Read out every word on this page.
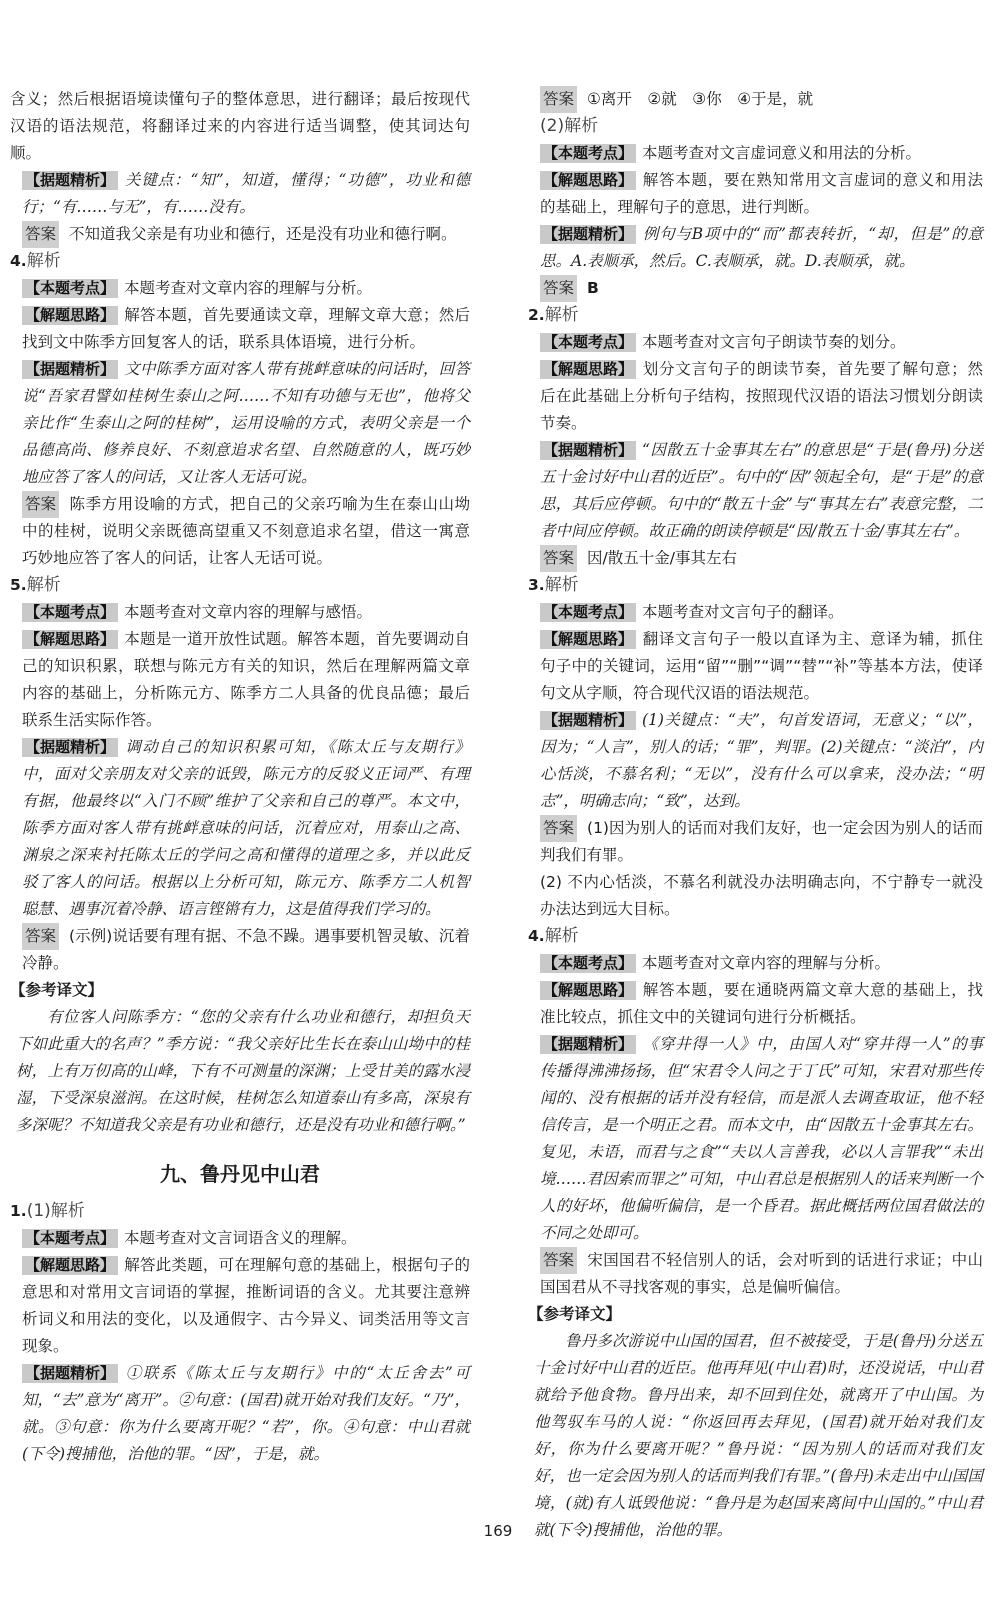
含义；然后根据语境读懂句子的整体意思，进行翻译；最后按现代汉语的语法规范，将翻译过来的内容进行适当调整，使其词达句顺。

【据题精析】 关键点：“知”，知道，懂得；“功德”，功业和德行；“有……与无”，有……没有。

答案 不知道我父亲是有功业和德行，还是没有功业和德行啊。

4.解析

【本题考点】 本题考查对文章内容的理解与分析。

【解题思路】 解答本题，首先要通读文章，理解文章大意；然后找到文中陈季方回复客人的话，联系具体语境，进行分析。

【据题精析】 文中陈季方面对客人带有挑衅意味的问话时，回答说“吾家君譬如桂树生泰山之阿……不知有功德与无也”，他将父亲比作“生泰山之阿的桂树”，运用设喻的方式，表明父亲是一个品德高尚、修养良好、不刻意追求名望、自然随意的人，既巧妙地应答了客人的问话，又让客人无话可说。

答案 陈季方用设喻的方式，把自己的父亲巧喻为生在泰山山坳中的桂树，说明父亲既德高望重又不刻意追求名望，借这一寓意巧妙地应答了客人的问话，让客人无话可说。

5.解析

【本题考点】 本题考查对文章内容的理解与感悟。

【解题思路】 本题是一道开放性试题。解答本题，首先要调动自己的知识积累，联想与陈元方有关的知识，然后在理解两篇文章内容的基础上，分析陈元方、陈季方二人具备的优良品德；最后联系生活实际作答。

【据题精析】 调动自己的知识积累可知，《陈太丘与友期行》中，面对父亲朋友对父亲的诋毁，陈元方的反驳义正词严、有理有据，他最终以“入门不顾”维护了父亲和自己的尊严。本文中，陈季方面对客人带有挑衅意味的问话，沉着应对，用泰山之高、渊泉之深来衬托陈太丘的学问之高和懂得的道理之多，并以此反驳了客人的问话。根据以上分析可知，陈元方、陈季方二人机智聪慧、遇事沉着冷静、语言铿锵有力，这是值得我们学习的。

答案 (示例)说话要有理有据、不急不躁。遇事要机智灵敏、沉着冷静。

【参考译文】

有位客人问陈季方：“您的父亲有什么功业和德行，却担负天下如此重大的名声？”季方说：“我父亲好比生长在泰山山坳中的桂树，上有万仞高的山峰，下有不可测量的深渊；上受甘美的露水浸湿，下受深泉滋润。在这时候，桂树怎么知道泰山有多高，深泉有多深呢？不知道我父亲是有功业和德行，还是没有功业和德行啊。”

九、鲁丹见中山君

1.(1)解析

【本题考点】 本题考查对文言词语含义的理解。

【解题思路】 解答此类题，可在理解句意的基础上，根据句子的意思和对常用文言词语的掌握，推断词语的含义。尤其要注意辨析词义和用法的变化，以及通假字、古今异义、词类活用等文言现象。

【据题精析】 ①联系《陈太丘与友期行》中的“太丘舍去”可知，“去”意为“离开”。②句意：(国君)就开始对我们友好。“乃”，就。③句意：你为什么要离开呢？“若”，你。④句意：中山君就(下令)搜捕他，治他的罪。“因”，于是，就。

答案 ①离开　②就　③你　④于是，就

(2)解析

【本题考点】 本题考查对文言虚词意义和用法的分析。

【解题思路】 解答本题，要在熟知常用文言虚词的意义和用法的基础上，理解句子的意思，进行判断。

【据题精析】 例句与B项中的“而”都表转折，“却，但是”的意思。A.表顺承，然后。C.表顺承，就。D.表顺承，就。

答案 B

2.解析

【本题考点】 本题考查对文言句子朗读节奏的划分。

【解题思路】 划分文言句子的朗读节奏，首先要了解句意；然后在此基础上分析句子结构，按照现代汉语的语法习惯划分朗读节奏。

【据题精析】 “因散五十金事其左右”的意思是“于是(鲁丹)分送五十金讨好中山君的近臣”。句中的“因”领起全句，是“于是”的意思，其后应停顿。句中的“散五十金”与“事其左右”表意完整，二者中间应停顿。故正确的朗读停顿是“因/散五十金/事其左右”。

答案 因/散五十金/事其左右

3.解析

【本题考点】 本题考查对文言句子的翻译。

【解题思路】 翻译文言句子一般以直译为主、意译为辅，抓住句子中的关键词，运用“留”“删”“调”“替”“补”等基本方法，使译句文从字顺，符合现代汉语的语法规范。

【据题精析】 (1)关键点：“夫”，句首发语词，无意义；“以”，因为；“人言”，别人的话；“罪”，判罪。(2)关键点：“淡泊”，内心恬淡，不慕名利；“无以”，没有什么可以拿来，没办法；“明志”，明确志向；“致”，达到。

答案 (1)因为别人的话而对我们友好，也一定会因为别人的话而判我们有罪。

(2) 不内心恬淡，不慕名利就没办法明确志向，不宁静专一就没办法达到远大目标。

4.解析

【本题考点】 本题考查对文章内容的理解与分析。

【解题思路】 解答本题，要在通晓两篇文章大意的基础上，找准比较点，抓住文中的关键词句进行分析概括。

【据题精析】 《穿井得一人》中，由国人对“穿井得一人”的事传播得沸沸扬扬，但“宋君令人问之于丁氏”可知，宋君对那些传闻的、没有根据的话并没有轻信，而是派人去调查取证，他不轻信传言，是一个明正之君。而本文中，由“因散五十金事其左右。复见，未语，而君与之食”“夫以人言善我，必以人言罪我”“未出境……君因索而罪之”可知，中山君总是根据别人的话来判断一个人的好坏，他偏听偏信，是一个昏君。据此概括两位国君做法的不同之处即可。

答案 宋国国君不轻信别人的话，会对听到的话进行求证；中山国国君从不寻找客观的事实，总是偏听偏信。

【参考译文】

鲁丹多次游说中山国的国君，但不被接受，于是(鲁丹)分送五十金讨好中山君的近臣。他再拜见(中山君)时，还没说话，中山君就给予他食物。鲁丹出来，却不回到住处，就离开了中山国。为他驾驭车马的人说：“你返回再去拜见，(国君)就开始对我们友好，你为什么要离开呢？”鲁丹说：“因为别人的话而对我们友好，也一定会因为别人的话而判我们有罪。”(鲁丹)未走出中山国国境，(就)有人诋毁他说：“鲁丹是为赵国来离间中山国的。”中山君就(下令)搜捕他，治他的罪。

169
